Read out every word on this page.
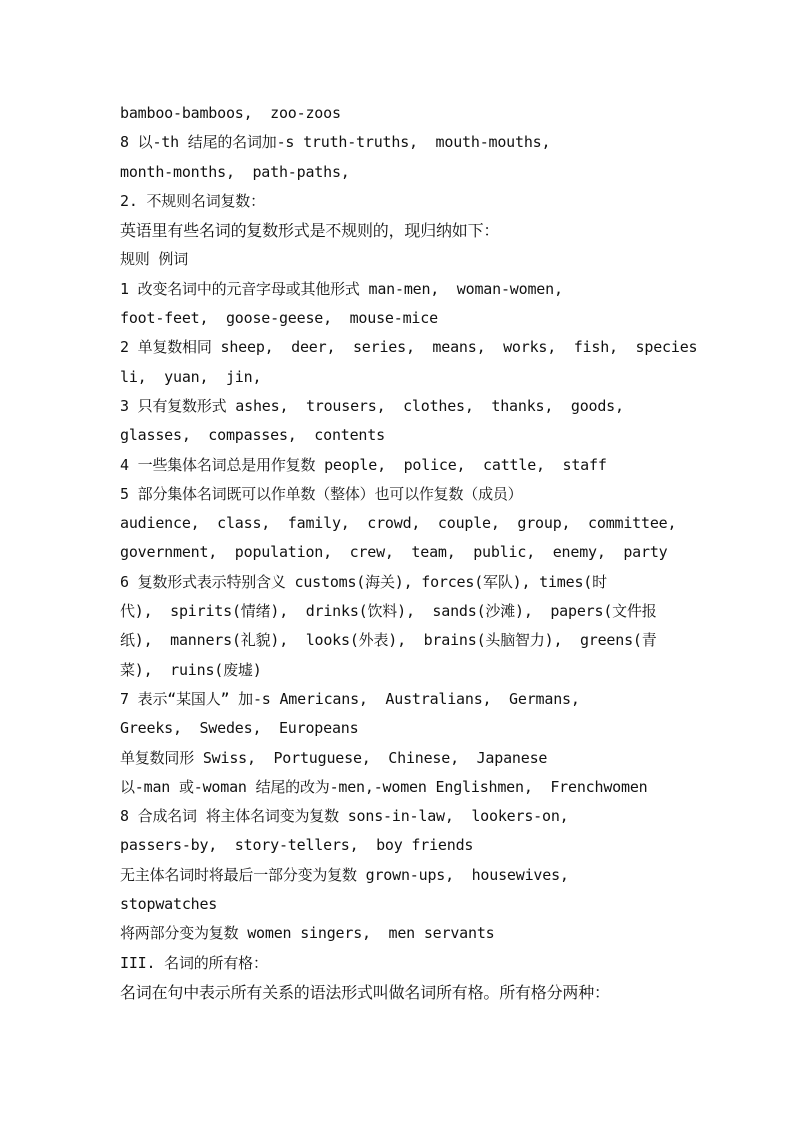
bamboo-bamboos,  zoo-zoos
8 以-th 结尾的名词加-s truth-truths,  mouth-mouths,
month-months,  path-paths,
2. 不规则名词复数：
英语里有些名词的复数形式是不规则的，现归纳如下：
规则 例词
1 改变名词中的元音字母或其他形式 man-men,  woman-women,
foot-feet,  goose-geese,  mouse-mice
2 单复数相同 sheep,  deer,  series,  means,  works,  fish,  species
li,  yuan,  jin,
3 只有复数形式 ashes,  trousers,  clothes,  thanks,  goods,
glasses,  compasses,  contents
4 一些集体名词总是用作复数 people,  police,  cattle,  staff
5 部分集体名词既可以作单数（整体）也可以作复数（成员）
audience,  class,  family,  crowd,  couple,  group,  committee,
government,  population,  crew,  team,  public,  enemy,  party
6 复数形式表示特别含义 customs(海关), forces(军队), times(时
代),  spirits(情绪),  drinks(饮料),  sands(沙滩),  papers(文件报
纸),  manners(礼貌),  looks(外表),  brains(头脑智力),  greens(青
菜),  ruins(废墟)
7 表示“某国人” 加-s Americans,  Australians,  Germans,
Greeks,  Swedes,  Europeans
单复数同形 Swiss,  Portuguese,  Chinese,  Japanese
以-man 或-woman 结尾的改为-men,-women Englishmen,  Frenchwomen
8 合成名词 将主体名词变为复数 sons-in-law,  lookers-on,
passers-by,  story-tellers,  boy friends
无主体名词时将最后一部分变为复数 grown-ups,  housewives,
stopwatches
将两部分变为复数 women singers,  men servants
III. 名词的所有格：
名词在句中表示所有关系的语法形式叫做名词所有格。所有格分两种：
